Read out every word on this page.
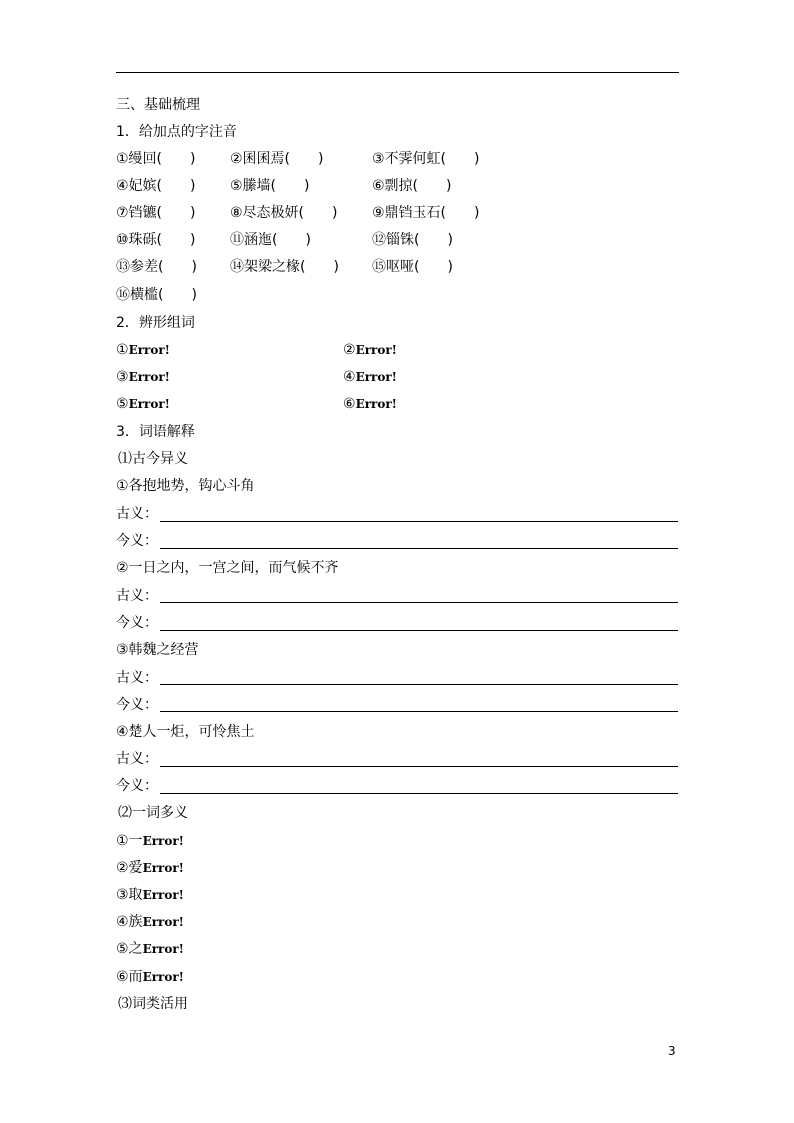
三、基础梳理
1．给加点的字注音
①缦回(　　) ②囷囷焉(　　)	③不霁何虹(　　)
④妃嫔(　　) ⑤縢墙(　　)	⑥剽掠(　　)
⑦铛镳(　　) ⑧尽态极妍(　　) ⑨鼎铛玉石(　　)
⑩珠砾(　　) ⑪涵迤(　　)	⑫锱铢(　　)
⑬参差(　　) ⑭架梁之椽(　　) ⑮呕哑(　　)
⑯横槛(　　)
2．辨形组词
①Error!	②Error!
③Error!	④Error!
⑤Error!	⑥Error!
3．词语解释
⑴古今异义
①各抱地势，钩心斗角
古义：
今义：
②一日之内，一宫之间，而气候不齐
古义：
今义：
③韩魏之经营
古义：
今义：
④楚人一炬，可怜焦土
古义：
今义：
⑵一词多义
①一Error!
②爱Error!
③取Error!
④族Error!
⑤之Error!
⑥而Error!
⑶词类活用
3
